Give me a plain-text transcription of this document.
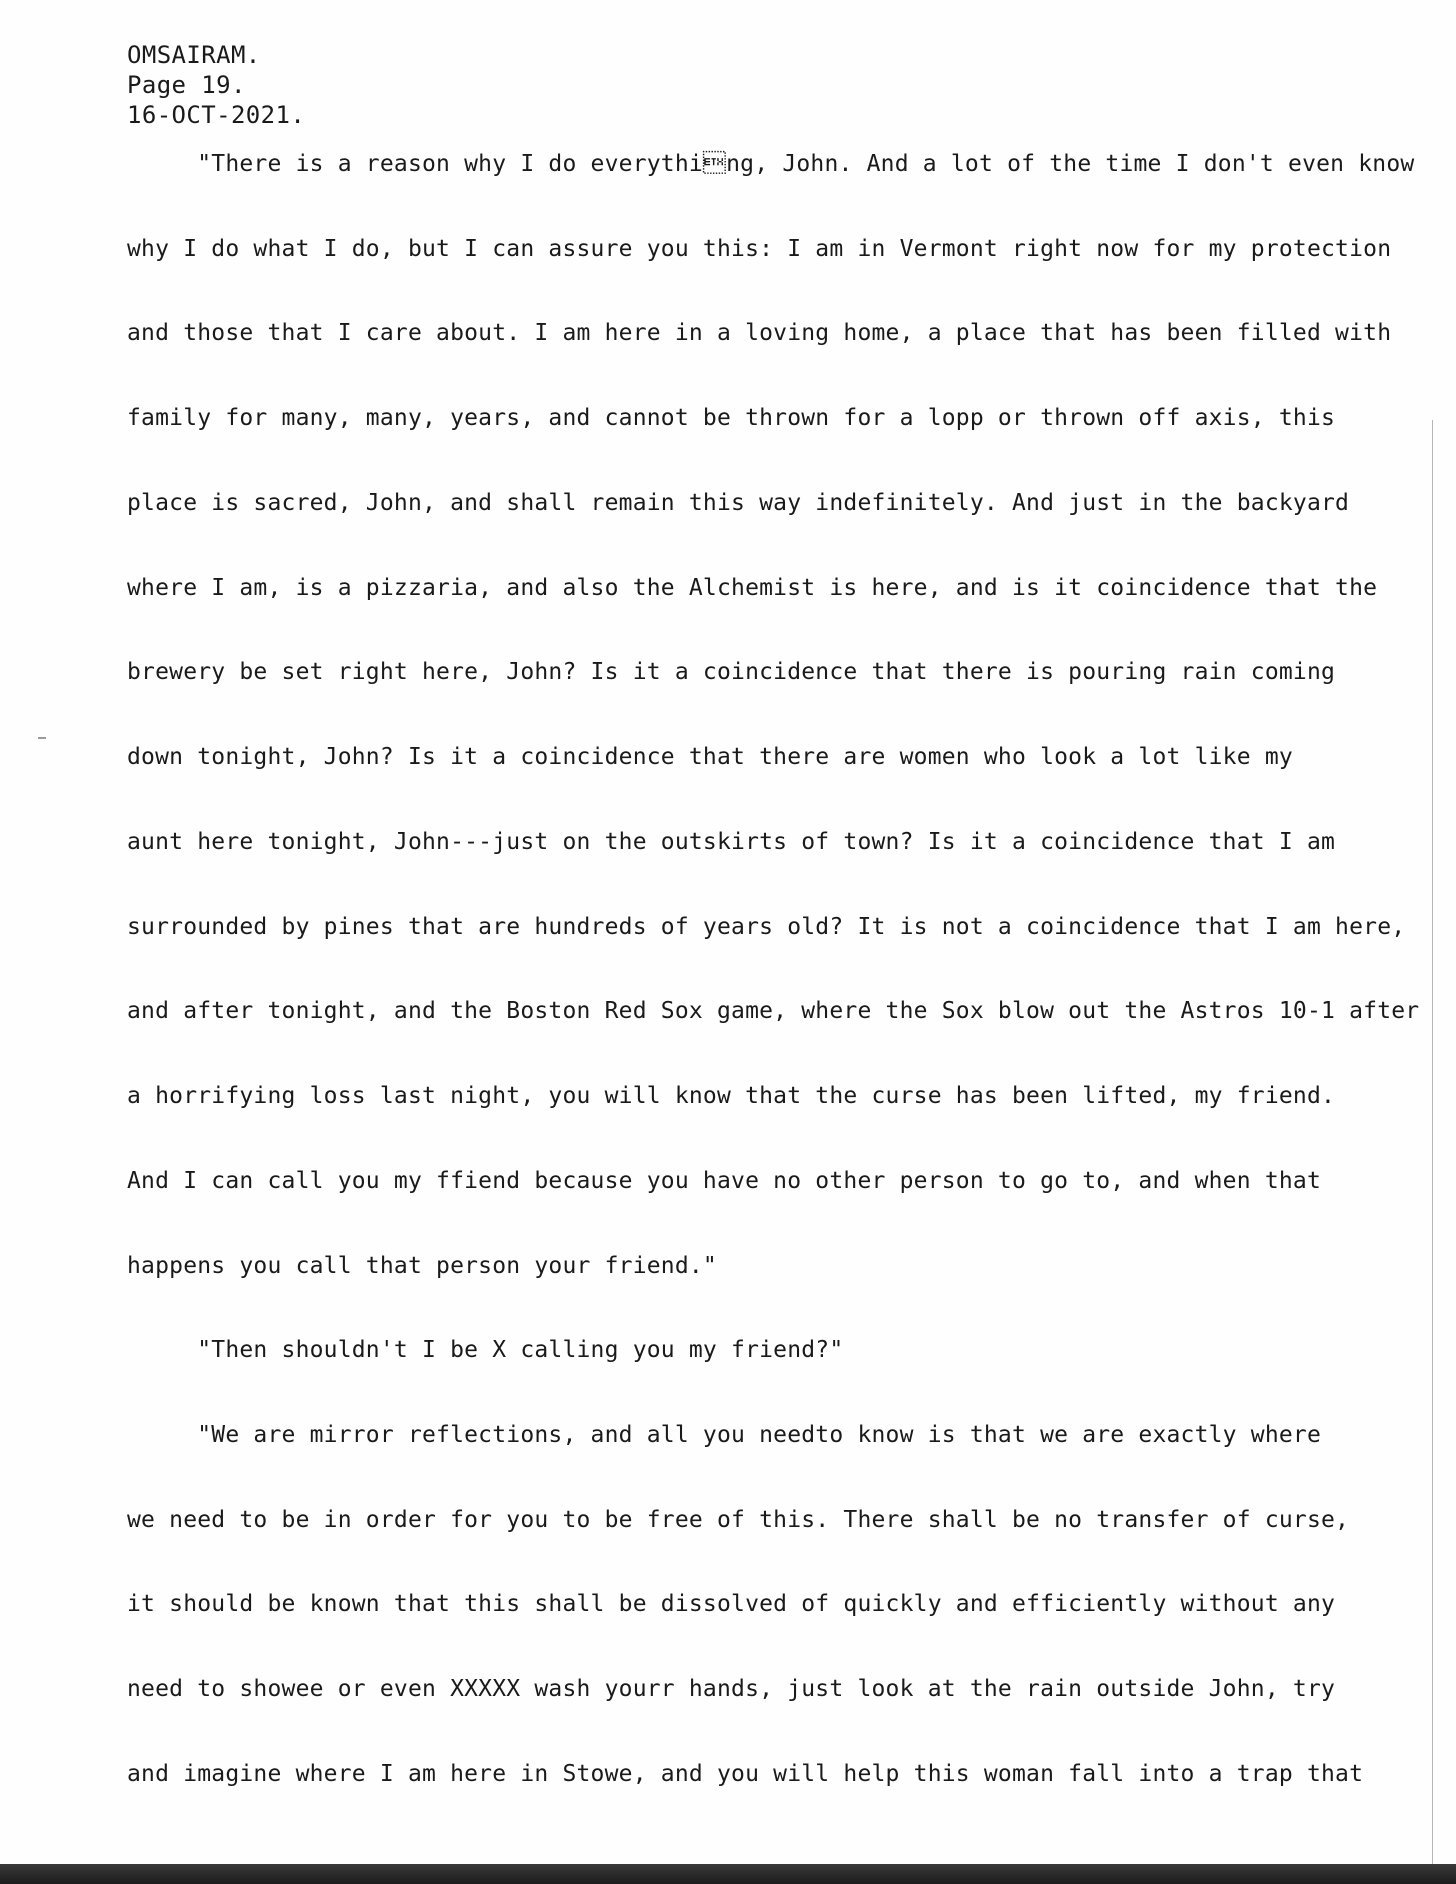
OMSAIRAM.
Page 19.
16-OCT-2021.
"There is a reason why I do everything, John. And a lot of the time I don't even know
why I do what I do, but I can assure you this: I am in Vermont right now for my protection
and those that I care about. I am here in a loving home, a place that has been filled with
family for many, many, years, and cannot be thrown for a lopp or thrown off axis, this
place is sacred, John, and shall remain this way indefinitely. And just in the backyard
where I am, is a pizzaria, and also the Alchemist is here, and is it coincidence that the
brewery be set right here, John? Is it a coincidence that there is pouring rain coming
down tonight, John? Is it a coincidence that there are women who look a lot like my
aunt here tonight, John---just on the outskirts of town? Is it a coincidence that I am
surrounded by pines that are hundreds of years old? It is not a coincidence that I am here,
and after tonight, and the Boston Red Sox game, where the Sox blow out the Astros 10-1 after
a horrifying loss last night, you will know that the curse has been lifted, my friend.
And I can call you my ffiend because you have no other person to go to, and when that
happens you call that person your friend."
"Then shouldn't I be X calling you my friend?"
"We are mirror reflections, and all you needto know is that we are exactly where
we need to be in order for you to be free of this. There shall be no transfer of curse,
it should be known that this shall be dissolved of quickly and efficiently without any
need to showee or even XXXXX wash yourr hands, just look at the rain outside John, try
and imagine where I am here in Stowe, and you will help this woman fall into a trap that
